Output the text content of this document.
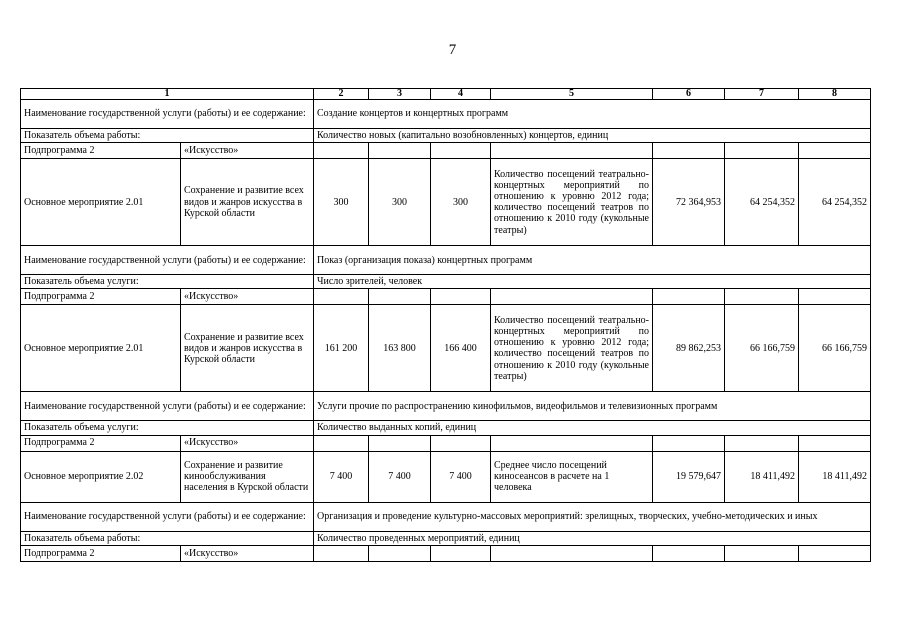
7
1		2	3	4	5	6	7	8
Наименование государственной услуги (работы) и ее содержание:		Создание концертов и концертных программ						
Показатель объема работы:		Количество новых (капитально возобновленных) концертов, единиц						
Подпрограмма 2	«Искусство»							
Основное мероприятие 2.01	Сохранение и развитие всех видов и жанров искусства в Курской области	300	300	300	Количество посещений театрально-концертных мероприятий по отношению к уровню 2012 года; количество посещений театров по отношению к 2010 году (кукольные театры)	72 364,953	64 254,352	64 254,352
Наименование государственной услуги (работы) и ее содержание:		Показ (организация показа) концертных программ						
Показатель объема услуги:		Число зрителей, человек						
Подпрограмма 2	«Искусство»							
Основное мероприятие 2.01	Сохранение и развитие всех видов и жанров искусства в Курской области	161 200	163 800	166 400	Количество посещений театрально-концертных мероприятий по отношению к уровню 2012 года; количество посещений театров по отношению к 2010 году (кукольные театры)	89 862,253	66 166,759	66 166,759
Наименование государственной услуги (работы) и ее содержание:		Услуги прочие по распространению кинофильмов, видеофильмов и телевизионных программ						
Показатель объема услуги:		Количество выданных копий, единиц						
Подпрограмма 2	«Искусство»							
Основное мероприятие 2.02	Сохранение и развитие кинообслуживания населения в Курской области	7 400	7 400	7 400	Среднее число посещений киносеансов в расчете на 1 человека	19 579,647	18 411,492	18 411,492
Наименование государственной услуги (работы) и ее содержание:		Организация и проведение культурно-массовых мероприятий: зрелищных, творческих, учебно-методических и иных						
Показатель объема работы:		Количество проведенных мероприятий, единиц						
Подпрограмма 2	«Искусство»							
